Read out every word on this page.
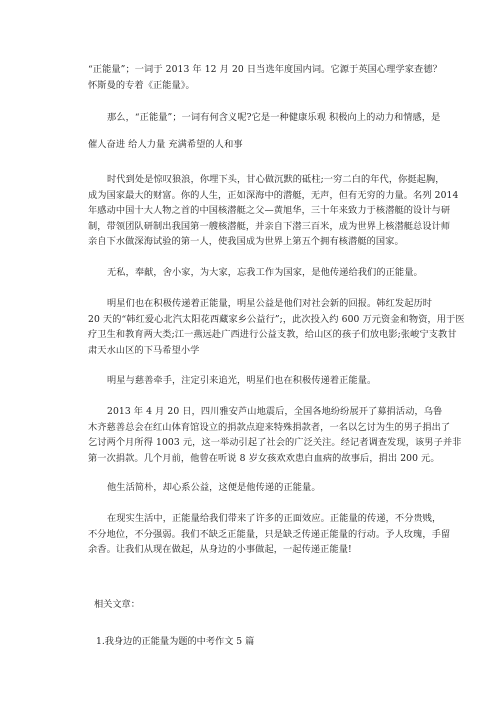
“正能量”；一词于 2013 年 12 月 20 日当选年度国内词。它源于英国心理学家查德？
怀斯曼的专着《正能量》。
那么，“正能量”；一词有何含义呢?它是一种健康乐观 积极向上的动力和情感，是
催人奋进 给人力量 充满希望的人和事
时代到处是惊叹狼浪，你埋下头，甘心做沉默的砥柱;一穷二白的年代，你挺起胸，
成为国家最大的财富。你的人生，正如深海中的潜艇，无声，但有无穷的力量。名列 2014
年感动中国十大人物之首的中国核潜艇之父—黄旭华，三十年来致力于核潜艇的设计与研
制，带领团队研制出我国第一艘核潜艇，并亲自下潜三百米，成为世界上核潜艇总设计师
亲自下水做深海试验的第一人，使我国成为世界上第五个拥有核潜艇的国家。
无私，奉献，舍小家，为大家，忘我工作为国家，是他传递给我们的正能量。
明星们也在积极传递着正能量，明星公益是他们对社会新的回报。韩红发起历时
20 天的“韩红爱心北汽太阳花西藏家乡公益行”;，此次投入约 600 万元资金和物资，用于医
疗卫生和教育两大类;江一燕远赴广西进行公益支教，给山区的孩子们放电影;张峻宁支教甘
肃天水山区的下马希望小学
明星与慈善牵手，注定引来追光，明星们也在积极传递着正能量。
2013 年 4 月 20 日，四川雅安芦山地震后，全国各地纷纷展开了募捐活动，乌鲁
木齐慈善总会在红山体育馆设立的捐款点迎来特殊捐款者，一名以乞讨为生的男子捐出了
乞讨两个月所得 1003 元，这一举动引起了社会的广泛关注。经记者调查发现，该男子并非
第一次捐款。几个月前，他曾在听说 8 岁女孩欢欢患白血病的故事后，捐出 200 元。
他生活简朴，却心系公益，这便是他传递的正能量。
在现实生活中，正能量给我们带来了许多的正面效应。正能量的传递，不分贵贱，
不分地位，不分强弱。我们不缺乏正能量，只是缺乏传递正能量的行动。予人玫瑰，手留
余香。让我们从现在做起，从身边的小事做起，一起传递正能量!
相关文章：
1.我身边的正能量为题的中考作文 5 篇
